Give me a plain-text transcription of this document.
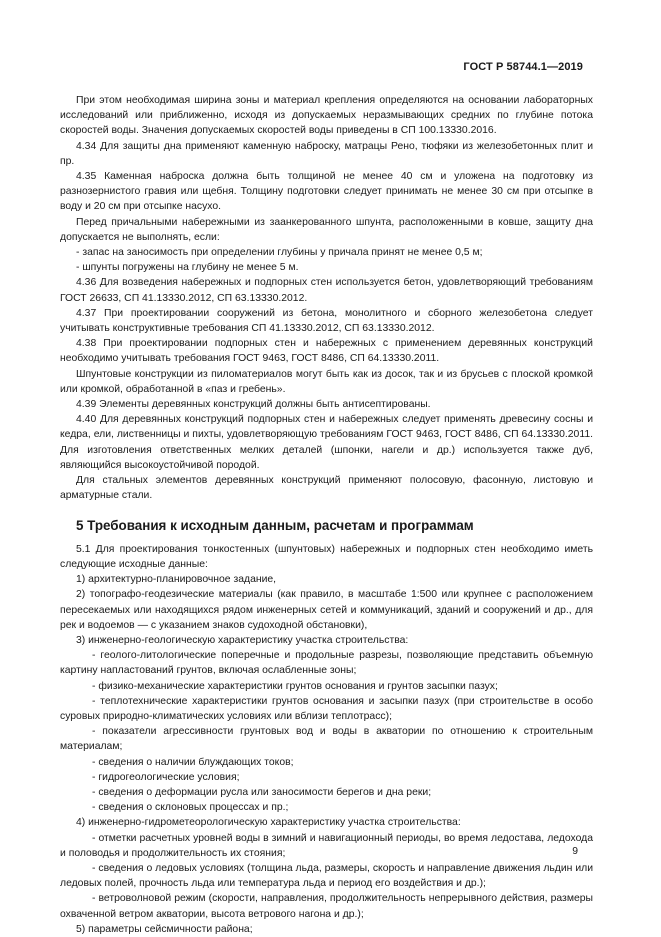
ГОСТ Р 58744.1—2019

При этом необходимая ширина зоны и материал крепления определяются на основании лабораторных исследований или приближенно, исходя из допускаемых неразмывающих средних по глубине потока скоростей воды. Значения допускаемых скоростей воды приведены в СП 100.13330.2016.

4.34 Для защиты дна применяют каменную наброску, матрацы Рено, тюфяки из железобетонных плит и пр.

4.35 Каменная наброска должна быть толщиной не менее 40 см и уложена на подготовку из разнозернистого гравия или щебня. Толщину подготовки следует принимать не менее 30 см при отсыпке в воду и 20 см при отсыпке насухо.

Перед причальными набережными из заанкерованного шпунта, расположенными в ковше, защиту дна допускается не выполнять, если:

- запас на заносимость при определении глубины у причала принят не менее 0,5 м;

- шпунты погружены на глубину не менее 5 м.

4.36 Для возведения набережных и подпорных стен используется бетон, удовлетворяющий требованиям ГОСТ 26633, СП 41.13330.2012, СП 63.13330.2012.

4.37 При проектировании сооружений из бетона, монолитного и сборного железобетона следует учитывать конструктивные требования СП 41.13330.2012, СП 63.13330.2012.

4.38 При проектировании подпорных стен и набережных с применением деревянных конструкций необходимо учитывать требования ГОСТ 9463, ГОСТ 8486, СП 64.13330.2011.

Шпунтовые конструкции из пиломатериалов могут быть как из досок, так и из брусьев с плоской кромкой или кромкой, обработанной в «паз и гребень».

4.39 Элементы деревянных конструкций должны быть антисептированы.

4.40 Для деревянных конструкций подпорных стен и набережных следует применять древесину сосны и кедра, ели, лиственницы и пихты, удовлетворяющую требованиям ГОСТ 9463, ГОСТ 8486, СП 64.13330.2011. Для изготовления ответственных мелких деталей (шпонки, нагели и др.) используется также дуб, являющийся высокоустойчивой породой.

Для стальных элементов деревянных конструкций применяют полосовую, фасонную, листовую и арматурные стали.

5 Требования к исходным данным, расчетам и программам

5.1 Для проектирования тонкостенных (шпунтовых) набережных и подпорных стен необходимо иметь следующие исходные данные:

1) архитектурно-планировочное задание,

2) топографо-геодезические материалы (как правило, в масштабе 1:500 или крупнее с расположением пересекаемых или находящихся рядом инженерных сетей и коммуникаций, зданий и сооружений и др., для рек и водоемов — с указанием знаков судоходной обстановки),

3) инженерно-геологическую характеристику участка строительства:

- геолого-литологические поперечные и продольные разрезы, позволяющие представить объемную картину напластований грунтов, включая ослабленные зоны;

- физико-механические характеристики грунтов основания и грунтов засыпки пазух;

- теплотехнические характеристики грунтов основания и засыпки пазух (при строительстве в особо суровых природно-климатических условиях или вблизи теплотрасс);

- показатели агрессивности грунтовых вод и воды в акватории по отношению к строительным материалам;

- сведения о наличии блуждающих токов;

- гидрогеологические условия;

- сведения о деформации русла или заносимости берегов и дна реки;

- сведения о склоновых процессах и пр.;

4) инженерно-гидрометеорологическую характеристику участка строительства:

- отметки расчетных уровней воды в зимний и навигационный периоды, во время ледостава, ледохода и половодья и продолжительность их стояния;

- сведения о ледовых условиях (толщина льда, размеры, скорость и направление движения льдин или ледовых полей, прочность льда или температура льда и период его воздействия и др.);

- ветроволновой режим (скорости, направления, продолжительность непрерывного действия, размеры охваченной ветром акватории, высота ветрового нагона и др.);

5) параметры сейсмичности района;

9
